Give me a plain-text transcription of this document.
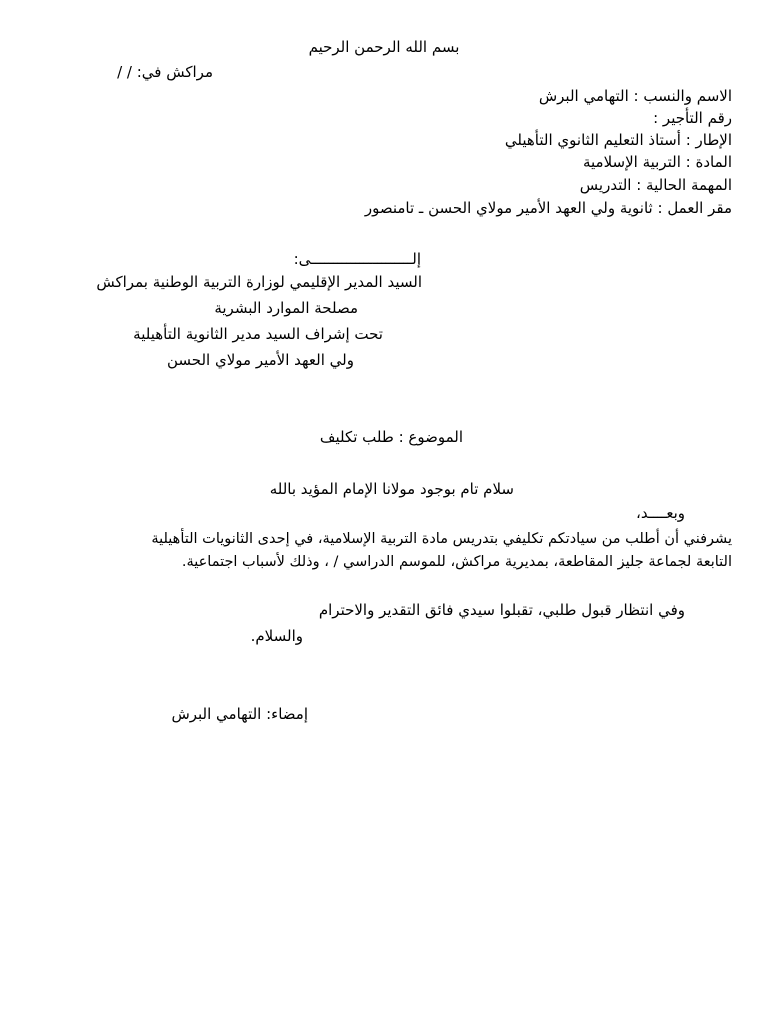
بسم الله الرحمن الرحيم
مراكش في: / /
الاسم والنسب : التهامي البرش
رقم التأجير :
الإطار : أستاذ التعليم الثانوي التأهيلي
المادة : التربية الإسلامية
المهمة الحالية : التدريس
مقر العمل : ثانوية ولي العهد الأمير مولاي الحسن ـ تامنصور
إلـــــــــــــــــــــــى:
السيد المدير الإقليمي لوزارة التربية الوطنية بمراكش
مصلحة الموارد البشرية
تحت إشراف السيد مدير الثانوية التأهيلية
ولي العهد الأمير مولاي الحسن
الموضوع : طلب تكليف
سلام تام بوجود مولانا الإمام المؤيد بالله
وبعــــد،
يشرفني أن أطلب من سيادتكم تكليفي بتدريس مادة التربية الإسلامية، في إحدى الثانويات التأهيلية
التابعة لجماعة جليز المقاطعة، بمديرية مراكش، للموسم الدراسي / ، وذلك لأسباب اجتماعية.
وفي انتظار قبول طلبي، تقبلوا سيدي فائق التقدير والاحترام
والسلام.
إمضاء: التهامي البرش
